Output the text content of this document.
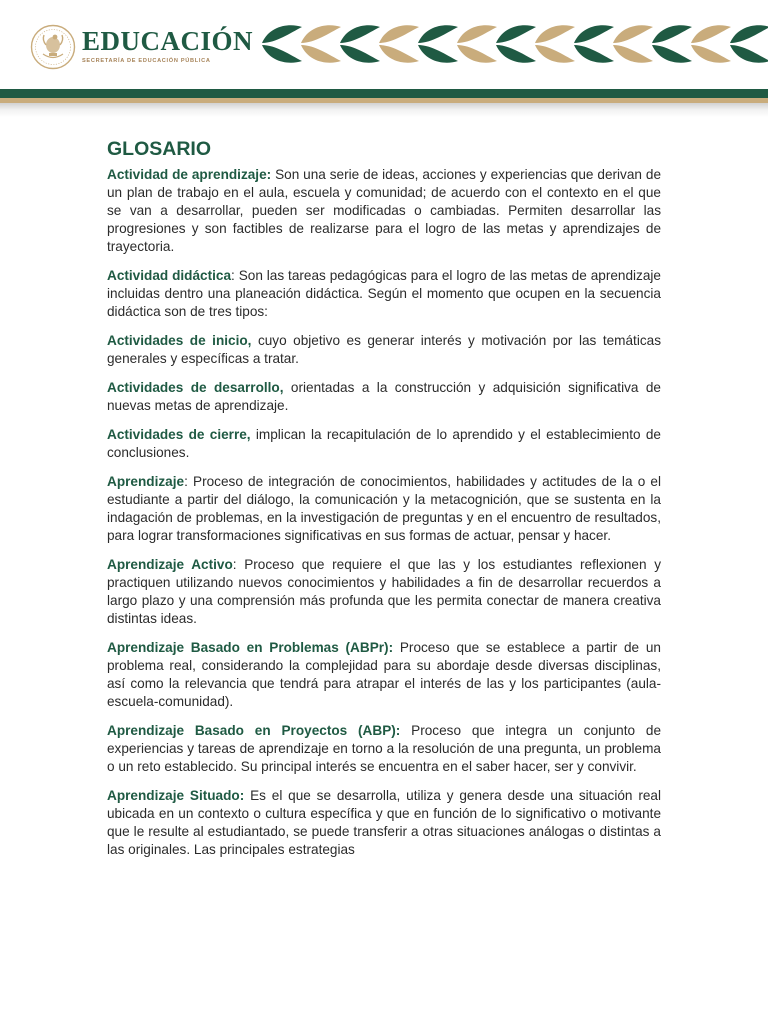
EDUCACIÓN
SECRETARÍA DE EDUCACIÓN PÚBLICA
GLOSARIO

Actividad de aprendizaje: Son una serie de ideas, acciones y experiencias que derivan de un plan de trabajo en el aula, escuela y comunidad; de acuerdo con el contexto en el que se van a desarrollar, pueden ser modificadas o cambiadas. Permiten desarrollar las progresiones y son factibles de realizarse para el logro de las metas y aprendizajes de trayectoria.

Actividad didáctica: Son las tareas pedagógicas para el logro de las metas de aprendizaje incluidas dentro una planeación didáctica. Según el momento que ocupen en la secuencia didáctica son de tres tipos:

Actividades de inicio, cuyo objetivo es generar interés y motivación por las temáticas generales y específicas a tratar.

Actividades de desarrollo, orientadas a la construcción y adquisición significativa de nuevas metas de aprendizaje.

Actividades de cierre, implican la recapitulación de lo aprendido y el establecimiento de conclusiones.

Aprendizaje: Proceso de integración de conocimientos, habilidades y actitudes de la o el estudiante a partir del diálogo, la comunicación y la metacognición, que se sustenta en la indagación de problemas, en la investigación de preguntas y en el encuentro de resultados, para lograr transformaciones significativas en sus formas de actuar, pensar y hacer.

Aprendizaje Activo: Proceso que requiere el que las y los estudiantes reflexionen y practiquen utilizando nuevos conocimientos y habilidades a fin de desarrollar recuerdos a largo plazo y una comprensión más profunda que les permita conectar de manera creativa distintas ideas.

Aprendizaje Basado en Problemas (ABPr): Proceso que se establece a partir de un problema real, considerando la complejidad para su abordaje desde diversas disciplinas, así como la relevancia que tendrá para atrapar el interés de las y los participantes (aula-escuela-comunidad).

Aprendizaje Basado en Proyectos (ABP): Proceso que integra un conjunto de experiencias y tareas de aprendizaje en torno a la resolución de una pregunta, un problema o un reto establecido. Su principal interés se encuentra en el saber hacer, ser y convivir.

Aprendizaje Situado: Es el que se desarrolla, utiliza y genera desde una situación real ubicada en un contexto o cultura específica y que en función de lo significativo o motivante que le resulte al estudiantado, se puede transferir a otras situaciones análogas o distintas a las originales. Las principales estrategias
